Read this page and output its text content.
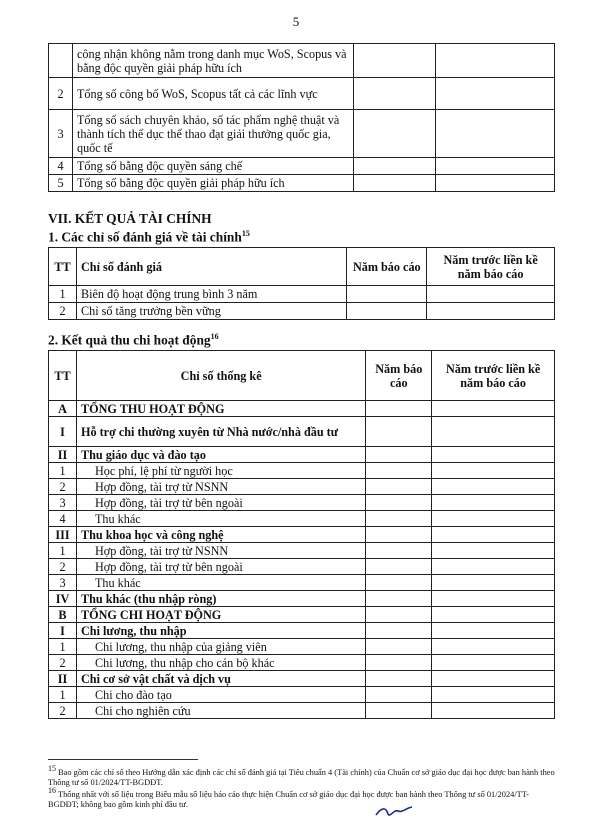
5
	công nhận không nằm trong danh mục WoS, Scopus và bằng độc quyền giải pháp hữu ích		
2	Tổng số công bố WoS, Scopus tất cả các lĩnh vực		
3	Tổng số sách chuyên khảo, số tác phẩm nghệ thuật và thành tích thể dục thể thao đạt giải thưởng quốc gia, quốc tế		
4	Tổng số bằng độc quyền sáng chế		
5	Tổng số bằng độc quyền giải pháp hữu ích		
VII. KẾT QUẢ TÀI CHÍNH
1. Các chỉ số đánh giá về tài chính$^{15}$
TT	Chỉ số đánh giá	Năm báo cáo	Năm trước liền kề năm báo cáo
1	Biên độ hoạt động trung bình 3 năm		
2	Chỉ số tăng trưởng bền vững		
2. Kết quả thu chi hoạt động$^{16}$
TT	Chỉ số thống kê	Năm báo cáo	Năm trước liền kề năm báo cáo
A	TỔNG THU HOẠT ĐỘNG		
I	Hỗ trợ chi thường xuyên từ Nhà nước/nhà đầu tư		
II	Thu giáo dục và đào tạo		
1	Học phí, lệ phí từ người học		
2	Hợp đồng, tài trợ từ NSNN		
3	Hợp đồng, tài trợ từ bên ngoài		
4	Thu khác		
III	Thu khoa học và công nghệ		
1	Hợp đồng, tài trợ từ NSNN		
2	Hợp đồng, tài trợ từ bên ngoài		
3	Thu khác		
IV	Thu khác (thu nhập ròng)		
B	TỔNG CHI HOẠT ĐỘNG		
I	Chi lương, thu nhập		
1	Chi lương, thu nhập của giảng viên		
2	Chi lương, thu nhập cho cán bộ khác		
II	Chi cơ sở vật chất và dịch vụ		
1	Chi cho đào tạo		
2	Chi cho nghiên cứu		
$^{15}$ Bao gồm các chỉ số theo Hướng dẫn xác định các chỉ số đánh giá tại Tiêu chuẩn 4 (Tài chính) của Chuẩn cơ sở giáo dục đại học được ban hành theo Thông tư số 01/2024/TT-BGDĐT.
$^{16}$ Thống nhất với số liệu trong Biểu mẫu số liệu báo cáo thực hiện Chuẩn cơ sở giáo dục đại học được ban hành theo Thông tư số 01/2024/TT-BGDĐT; không bao gồm kinh phí đầu tư.
